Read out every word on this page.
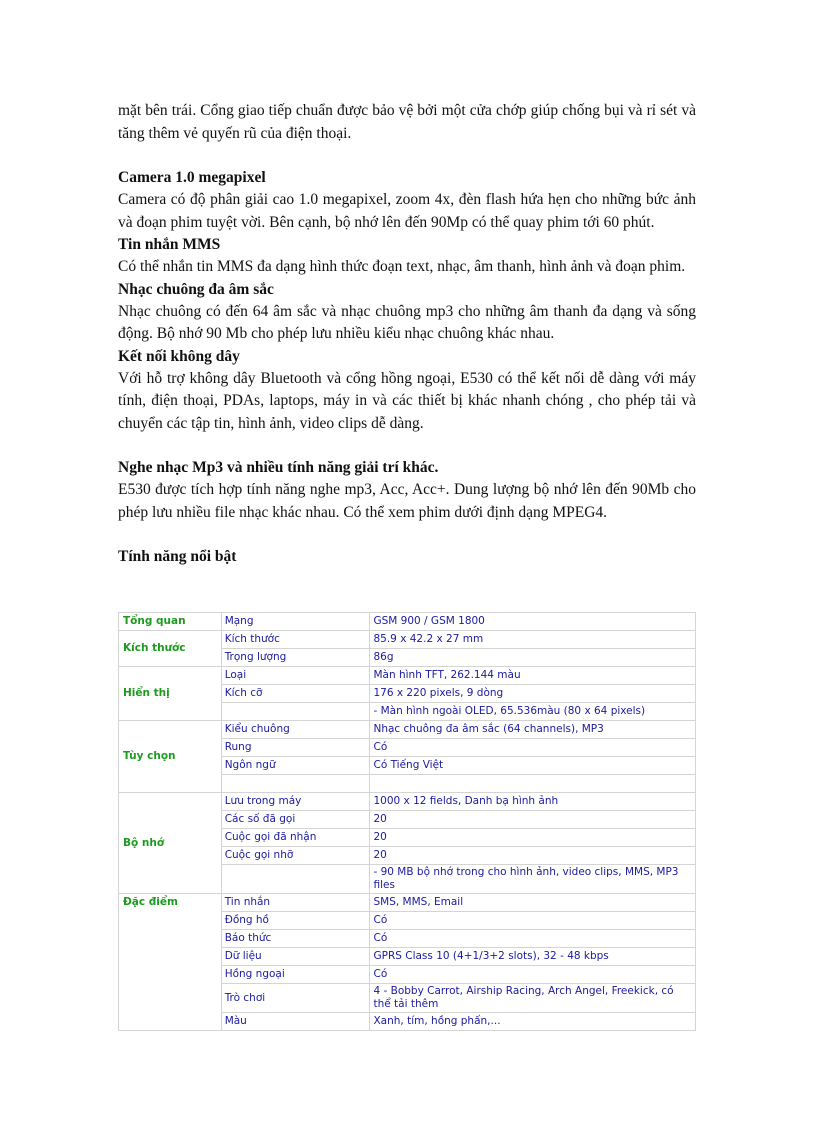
mặt bên trái. Cổng giao tiếp chuẩn được bảo vệ bởi một cửa chớp giúp chống bụi và rỉ sét và tăng thêm vẻ quyến rũ của điện thoại.

Camera 1.0 megapixel

Camera có độ phân giải cao 1.0 megapixel, zoom 4x, đèn flash hứa hẹn cho những bức ảnh và đoạn phim tuyệt vời. Bên cạnh, bộ nhớ lên đến 90Mp có thể quay phim tới 60 phút.

Tin nhắn MMS

Có thể nhắn tin MMS đa dạng hình thức đoạn text, nhạc, âm thanh, hình ảnh và đoạn phim.

Nhạc chuông đa âm sắc

Nhạc chuông có đến 64 âm sắc và nhạc chuông mp3 cho những âm thanh đa dạng và sống động. Bộ nhớ 90 Mb cho phép lưu nhiều kiểu nhạc chuông khác nhau.

Kết nối không dây

Với hỗ trợ không dây Bluetooth và cổng hồng ngoại, E530 có thể kết nối dễ dàng với máy tính, điện thoại, PDAs, laptops, máy in và các thiết bị khác nhanh chóng , cho phép tải và chuyển các tập tin, hình ảnh, video clips dễ dàng.

Nghe nhạc Mp3 và nhiều tính năng giải trí khác.

E530 được tích hợp tính năng nghe mp3, Acc, Acc+. Dung lượng bộ nhớ lên đến 90Mb cho phép lưu nhiều file nhạc khác nhau. Có thể xem phim dưới định dạng MPEG4.

Tính năng nổi bật
Tổng quan	Mạng	GSM 900 / GSM 1800
Kích thước	Kích thước	85.9 x 42.2 x 27 mm
	Trọng lượng	86g
Hiển thị	Loại	Màn hình TFT, 262.144 màu
	Kích cỡ	176 x 220 pixels, 9 dòng
		- Màn hình ngoài OLED, 65.536màu (80 x 64 pixels)
Tùy chọn	Kiểu chuông	Nhạc chuông đa âm sắc (64 channels), MP3
	Rung	Có
	Ngôn ngữ	Có Tiếng Việt

Bộ nhớ	Lưu trong máy	1000 x 12 fields, Danh bạ hình ảnh
	Các số đã gọi	20
	Cuộc gọi đã nhận	20
	Cuộc gọi nhỡ	20
		- 90 MB bộ nhớ trong cho hình ảnh, video clips, MMS, MP3 files
Đặc điểm	Tin nhắn	SMS, MMS, Email
	Đồng hồ	Có
	Báo thức	Có
	Dữ liệu	GPRS Class 10 (4+1/3+2 slots), 32 - 48 kbps
	Hồng ngoại	Có
	Trò chơi	4 - Bobby Carrot, Airship Racing, Arch Angel, Freekick, có thể tải thêm
	Màu	Xanh, tím, hồng phấn,...
